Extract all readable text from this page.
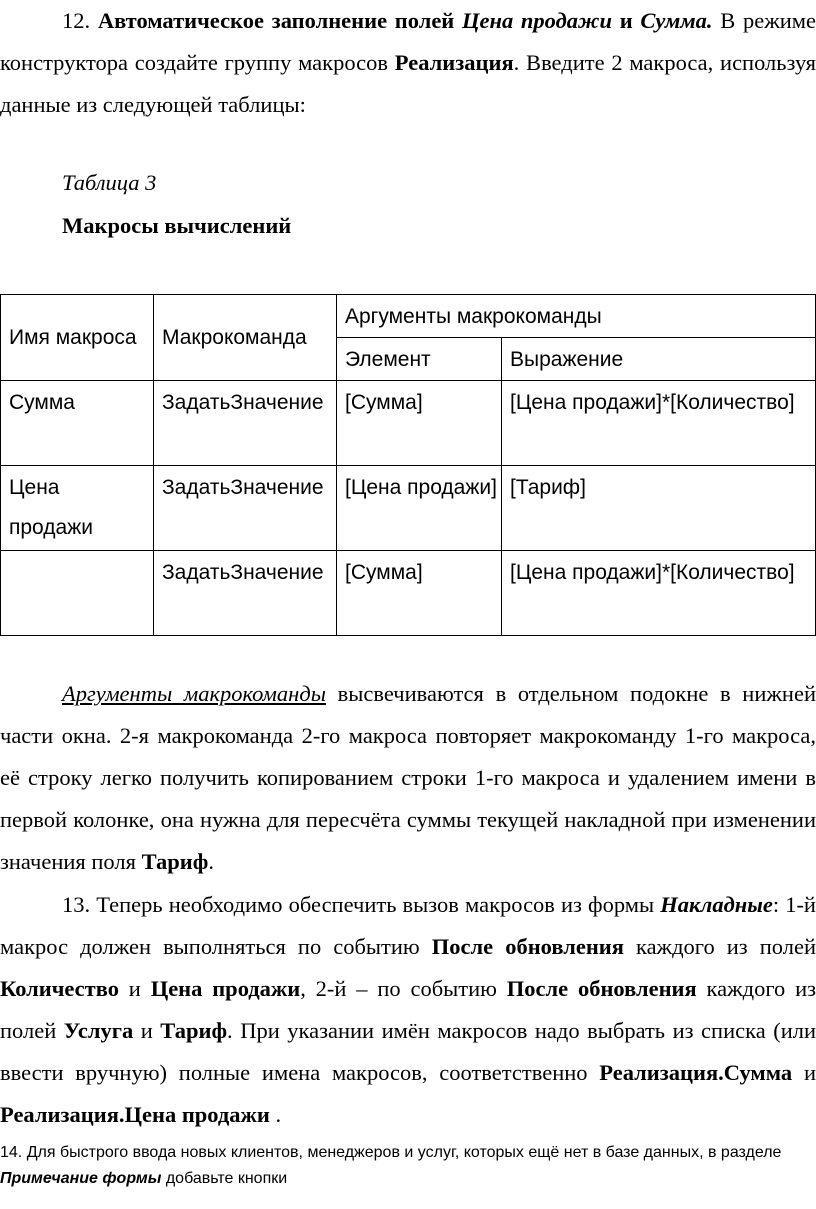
12. Автоматическое заполнение полей Цена продажи и Сумма. В режиме конструктора создайте группу макросов Реализация. Введите 2 макроса, используя данные из следующей таблицы:

Таблица 3
Макросы вычислений
Имя макроса	Макрокоманда	Аргументы макрокоманды	
		Элемент	Выражение
Сумма	ЗадатьЗначение	[Сумма]	[Цена продажи]*[Количество]
Цена продажи	ЗадатьЗначение	[Цена продажи]	[Тариф]
	ЗадатьЗначение	[Сумма]	[Цена продажи]*[Количество]

Аргументы макрокоманды высвечиваются в отдельном подокне в нижней части окна. 2-я макрокоманда 2-го макроса повторяет макрокоманду 1-го макроса, её строку легко получить копированием строки 1-го макроса и удалением имени в первой колонке, она нужна для пересчёта суммы текущей накладной при изменении значения поля Тариф.

13. Теперь необходимо обеспечить вызов макросов из формы Накладные: 1-й макрос должен выполняться по событию После обновления каждого из полей Количество и Цена продажи, 2-й – по событию После обновления каждого из полей Услуга и Тариф. При указании имён макросов надо выбрать из списка (или ввести вручную) полные имена макросов, соответственно Реализация.Сумма и Реализация.Цена продажи .

14. Для быстрого ввода новых клиентов, менеджеров и услуг, которых ещё нет в базе данных, в разделе Примечание формы добавьте кнопки
